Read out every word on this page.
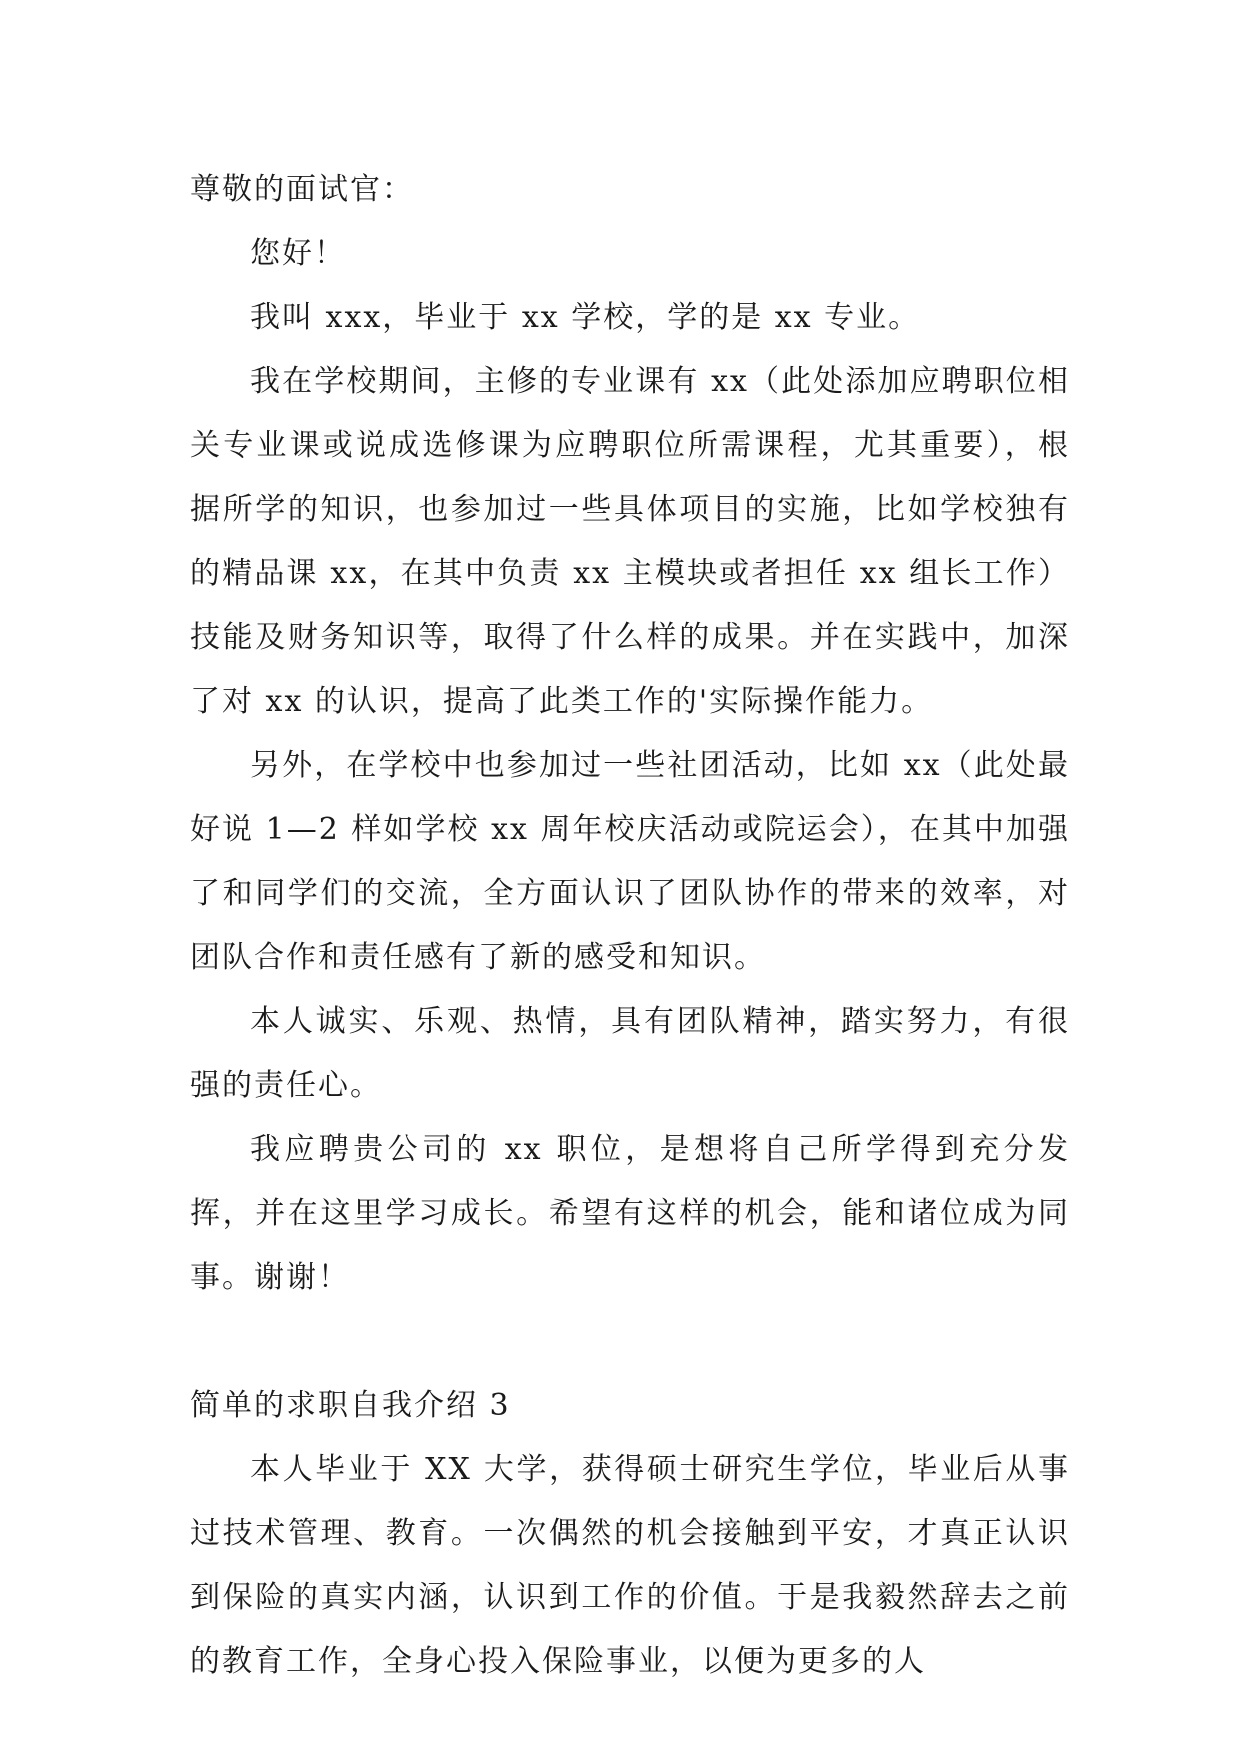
尊敬的面试官：

您好！

我叫 xxx，毕业于 xx 学校，学的是 xx 专业。

我在学校期间，主修的专业课有 xx（此处添加应聘职位相关专业课或说成选修课为应聘职位所需课程，尤其重要），根据所学的知识，也参加过一些具体项目的实施，比如学校独有的精品课 xx，在其中负责 xx 主模块或者担任 xx 组长工作）技能及财务知识等，取得了什么样的成果。并在实践中，加深了对 xx 的认识，提高了此类工作的'实际操作能力。

另外，在学校中也参加过一些社团活动，比如 xx（此处最好说 1—2 样如学校 xx 周年校庆活动或院运会），在其中加强了和同学们的交流，全方面认识了团队协作的带来的效率，对团队合作和责任感有了新的感受和知识。

本人诚实、乐观、热情，具有团队精神，踏实努力，有很强的责任心。

我应聘贵公司的 xx 职位，是想将自己所学得到充分发挥，并在这里学习成长。希望有这样的机会，能和诸位成为同事。谢谢！

简单的求职自我介绍 3

本人毕业于 XX 大学，获得硕士研究生学位，毕业后从事过技术管理、教育。一次偶然的机会接触到平安，才真正认识到保险的真实内涵，认识到工作的价值。于是我毅然辞去之前的教育工作，全身心投入保险事业，以便为更多的人
